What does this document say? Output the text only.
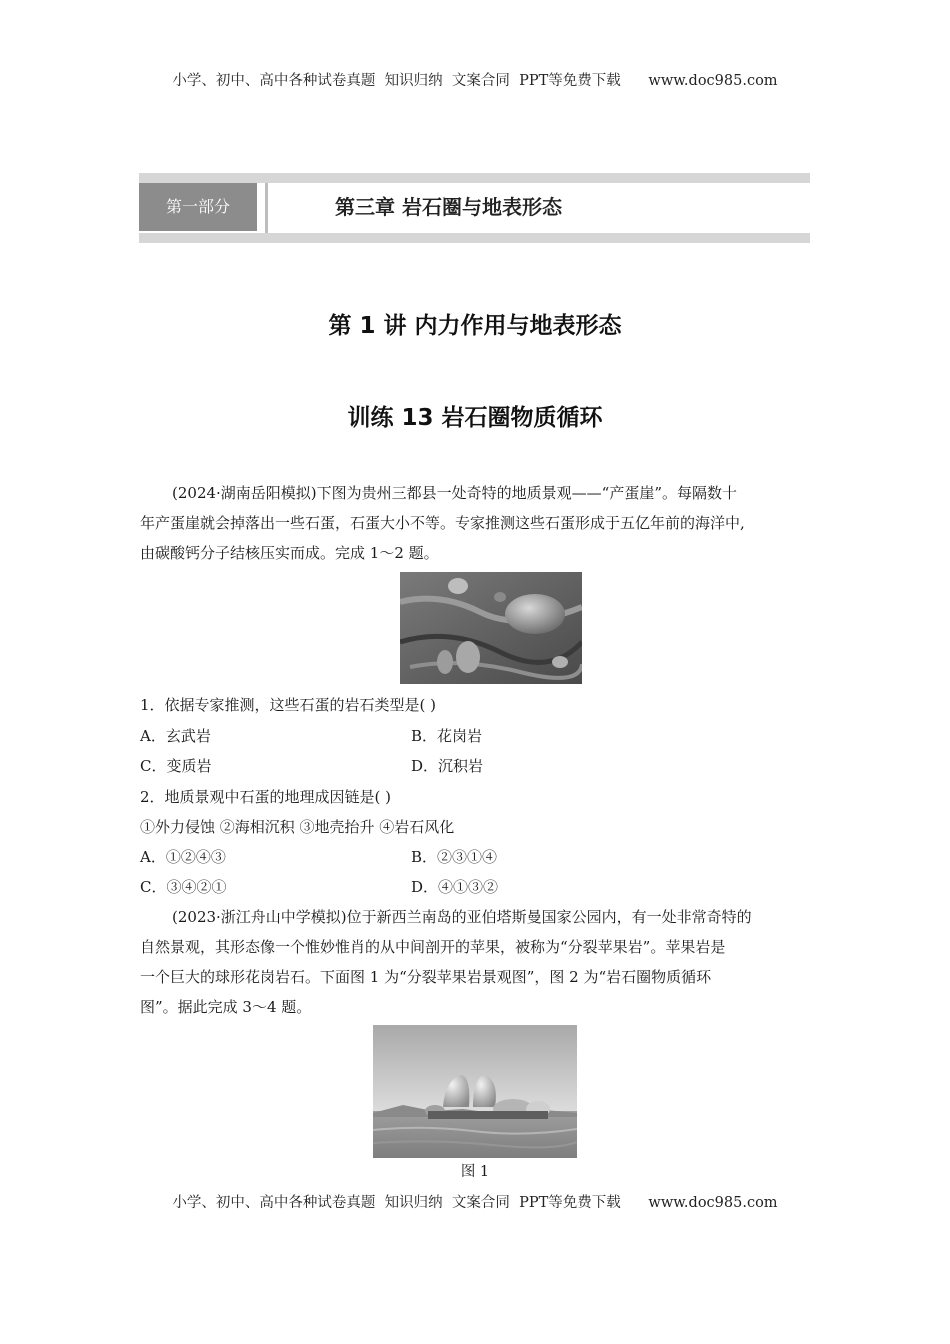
小学、初中、高中各种试卷真题  知识归纳  文案合同  PPT等免费下载      www.doc985.com
第一部分	第三章 岩石圈与地表形态
第 1 讲 内力作用与地表形态
训练 13 岩石圈物质循环
(2024·湖南岳阳模拟)下图为贵州三都县一处奇特的地质景观——“产蛋崖”。每隔数十
年产蛋崖就会掉落出一些石蛋，石蛋大小不等。专家推测这些石蛋形成于五亿年前的海洋中,
由碳酸钙分子结核压实而成。完成 1～2 题。
1．依据专家推测，这些石蛋的岩石类型是( )
A．玄武岩	B．花岗岩
C．变质岩	D．沉积岩
2．地质景观中石蛋的地理成因链是( )
①外力侵蚀 ②海相沉积 ③地壳抬升 ④岩石风化
A．①②④③	B．②③①④
C．③④②①	D．④①③②
(2023·浙江舟山中学模拟)位于新西兰南岛的亚伯塔斯曼国家公园内，有一处非常奇特的
自然景观，其形态像一个惟妙惟肖的从中间剖开的苹果，被称为“分裂苹果岩”。苹果岩是
一个巨大的球形花岗岩石。下面图 1 为“分裂苹果岩景观图”，图 2 为“岩石圈物质循环
图”。据此完成 3～4 题。
图 1
小学、初中、高中各种试卷真题  知识归纳  文案合同  PPT等免费下载      www.doc985.com
